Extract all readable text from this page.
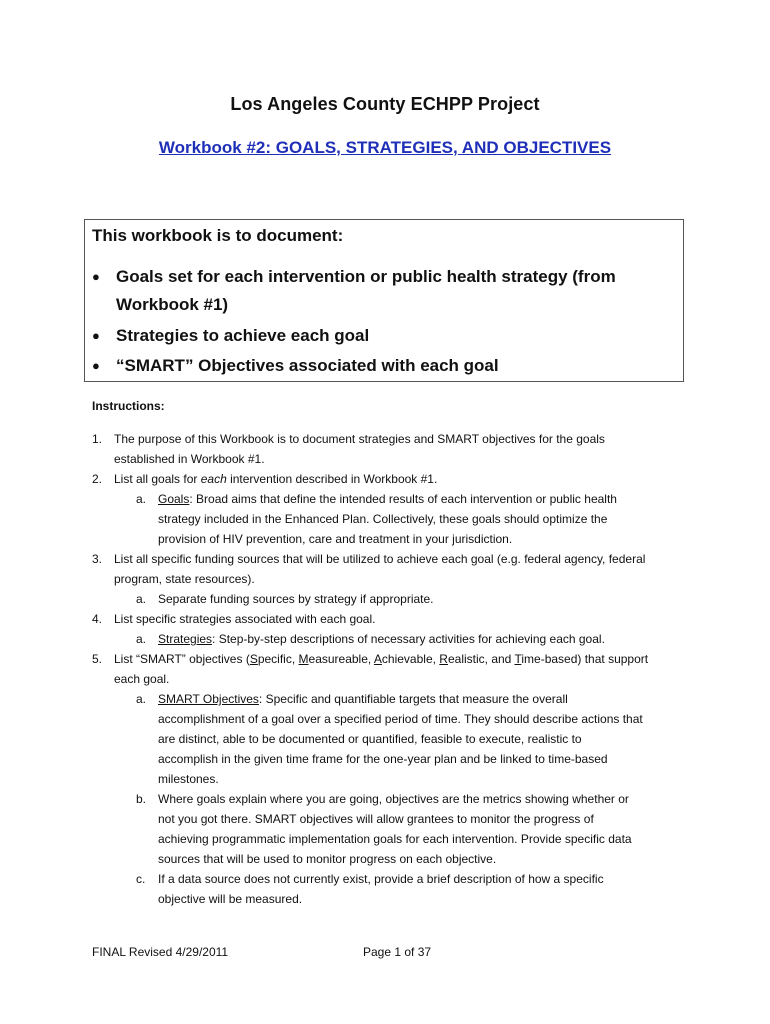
Los Angeles County ECHPP Project
Workbook #2: GOALS, STRATEGIES, AND OBJECTIVES
This workbook is to document:
● Goals set for each intervention or public health strategy (from Workbook #1)
● Strategies to achieve each goal
● “SMART” Objectives associated with each goal
Instructions:
1. The purpose of this Workbook is to document strategies and SMART objectives for the goals
established in Workbook #1.
2. List all goals for each intervention described in Workbook #1.
a. Goals: Broad aims that define the intended results of each intervention or public health
strategy included in the Enhanced Plan. Collectively, these goals should optimize the
provision of HIV prevention, care and treatment in your jurisdiction.
3. List all specific funding sources that will be utilized to achieve each goal (e.g. federal agency, federal
program, state resources).
a. Separate funding sources by strategy if appropriate.
4. List specific strategies associated with each goal.
a. Strategies: Step-by-step descriptions of necessary activities for achieving each goal.
5. List “SMART” objectives (Specific, Measureable, Achievable, Realistic, and Time-based) that support
each goal.
a. SMART Objectives: Specific and quantifiable targets that measure the overall
accomplishment of a goal over a specified period of time. They should describe actions that
are distinct, able to be documented or quantified, feasible to execute, realistic to
accomplish in the given time frame for the one-year plan and be linked to time-based
milestones.
b. Where goals explain where you are going, objectives are the metrics showing whether or
not you got there. SMART objectives will allow grantees to monitor the progress of
achieving programmatic implementation goals for each intervention. Provide specific data
sources that will be used to monitor progress on each objective.
c. If a data source does not currently exist, provide a brief description of how a specific
objective will be measured.
FINAL Revised 4/29/2011	Page 1 of 37
